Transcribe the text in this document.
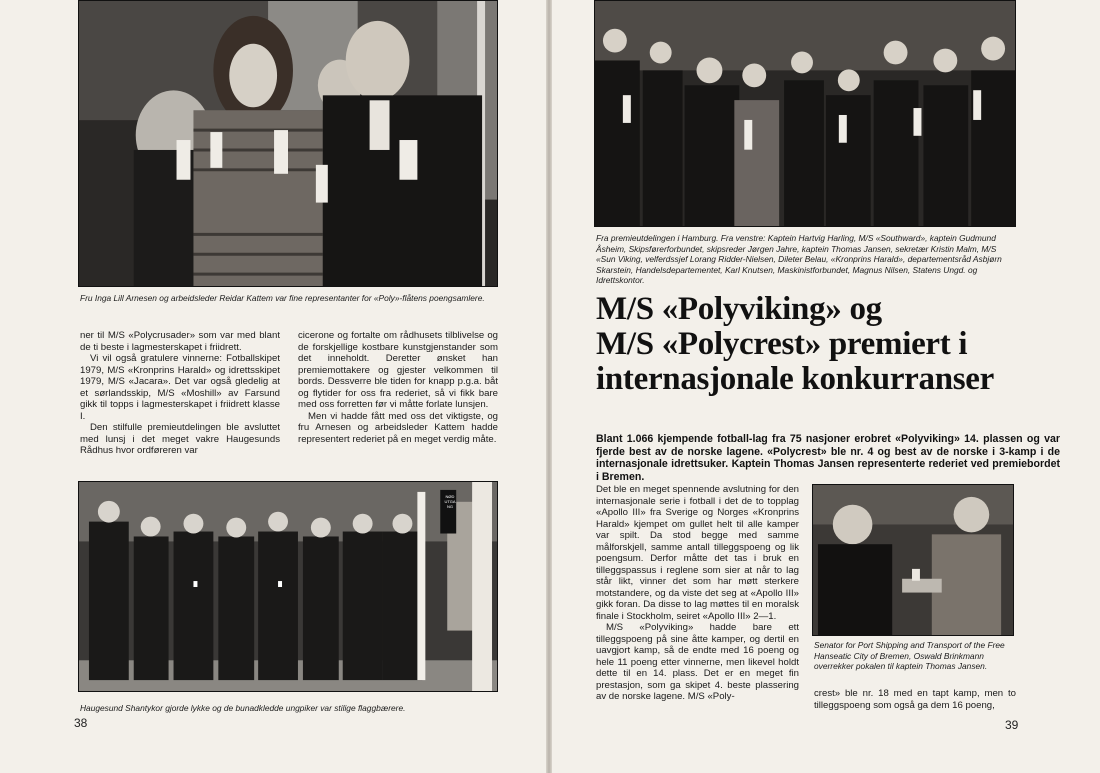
Fru Inga Lill Arnesen og arbeidsleder Reidar Kattem var fine representanter for «Poly»-flåtens poengsamlere.

ner til M/S «Polycrusader» som var med blant de ti beste i lagmesterskapet i friidrett.

Vi vil også gratulere vinnerne: Fotballskipet 1979, M/S «Kronprins Harald» og idrettsskipet 1979, M/S «Jacara». Det var også gledelig at et sørlandsskip, M/S «Moshill» av Farsund gikk til topps i lagmesterskapet i friidrett klasse I.

Den stilfulle premieutdelingen ble avsluttet med lunsj i det meget vakre Haugesunds Rådhus hvor ordføreren var

cicerone og fortalte om rådhusets tilblivelse og de forskjellige kostbare kunstgjenstander som det inneholdt. Deretter ønsket han premiemottakere og gjester velkommen til bords. Dessverre ble tiden for knapp p.g.a. båt og flytider for oss fra rederiet, så vi fikk bare med oss forretten før vi måtte forlate lunsjen.

Men vi hadde fått med oss det viktigste, og fru Arnesen og arbeidsleder Kattem hadde representert rederiet på en meget verdig måte.

NØD UTGANG
Haugesund Shantykor gjorde lykke og de bunadkledde ungpiker var stilige flaggbærere.
38
Fra premieutdelingen i Hamburg. Fra venstre: Kaptein Hartvig Harling, M/S «Southward», kaptein Gudmund Åsheim, Skipsførerforbundet, skipsreder Jørgen Jahre, kaptein Thomas Jansen, sekretær Kristin Malm, M/S «Sun Viking, velferdssjef Lorang Ridder-Nielsen, Dileter Belau, «Kronprins Harald», departementsråd Asbjørn Skarstein, Handelsdepartementet, Karl Knutsen, Maskinistforbundet, Magnus Nilsen, Statens Ungd. og Idrettskontor.
M/S «Polyviking» og
M/S «Polycrest» premiert i
internasjonale konkurranser
Blant 1.066 kjempende fotball-lag fra 75 nasjoner erobret «Polyviking» 14. plassen og var fjerde best av de norske lagene. «Polycrest» ble nr. 4 og best av de norske i 3-kamp i de internasjonale idrettsuker. Kaptein Thomas Jansen representerte rederiet ved premiebordet i Bremen.

Det ble en meget spennende avslutning for den internasjonale serie i fotball i det de to topplag «Apollo III» fra Sverige og Norges «Kronprins Harald» kjempet om gullet helt til alle kamper var spilt. Da stod begge med samme målforskjell, samme antall tilleggspoeng og lik poengsum. Derfor måtte det tas i bruk en tilleggspassus i reglene som sier at når to lag står likt, vinner det som har møtt sterkere motstandere, og da viste det seg at «Apollo III» gikk foran. Da disse to lag møttes til en moralsk finale i Stockholm, seiret «Apollo III» 2—1.

M/S «Polyviking» hadde bare ett tilleggspoeng på sine åtte kamper, og dertil en uavgjort kamp, så de endte med 16 poeng og hele 11 poeng etter vinnerne, men likevel holdt dette til en 14. plass. Det er en meget fin prestasjon, som ga skipet 4. beste plassering av de norske lagene. M/S «Poly-

Senator for Port Shipping and Transport of the Free Hanseatic City of Bremen, Oswald Brinkmann overrekker pokalen til kaptein Thomas Jansen.

crest» ble nr. 18 med en tapt kamp, men to tilleggspoeng som også ga dem 16 poeng,

39
